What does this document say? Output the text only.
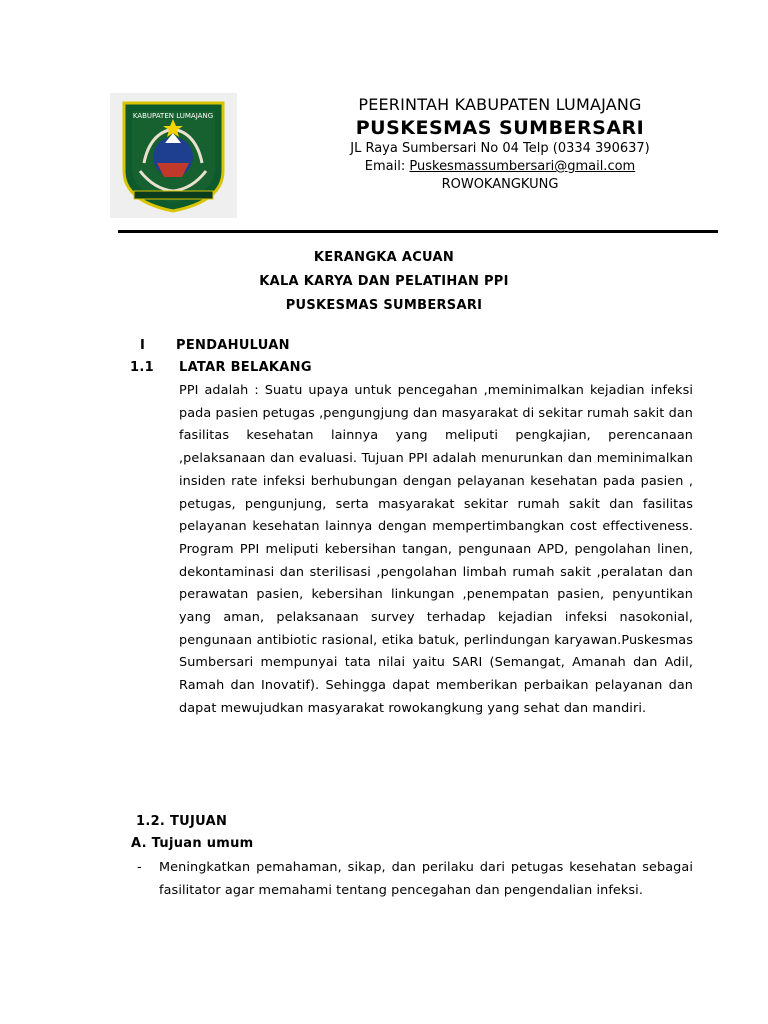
KABUPATEN LUMAJANG
PEERINTAH KABUPATEN LUMAJANG
PUSKESMAS SUMBERSARI
JL Raya Sumbersari No 04 Telp (0334 390637)
Email: Puskesmassumbersari@gmail.com
ROWOKANGKUNG
KERANGKA ACUAN
KALA KARYA DAN PELATIHAN PPI
PUSKESMAS SUMBERSARI
I PENDAHULUAN
1.1 LATAR BELAKANG
PPI adalah : Suatu upaya untuk pencegahan ,meminimalkan kejadian infeksi pada pasien petugas ,pengungjung dan masyarakat di sekitar rumah sakit dan fasilitas kesehatan lainnya yang meliputi pengkajian, perencanaan ,pelaksanaan dan evaluasi. Tujuan PPI adalah menurunkan dan meminimalkan insiden rate infeksi berhubungan dengan pelayanan kesehatan pada pasien , petugas, pengunjung, serta masyarakat sekitar rumah sakit dan fasilitas pelayanan kesehatan lainnya dengan mempertimbangkan cost effectiveness. Program PPI meliputi kebersihan tangan, pengunaan APD, pengolahan linen, dekontaminasi dan sterilisasi ,pengolahan limbah rumah sakit ,peralatan dan perawatan pasien, kebersihan linkungan ,penempatan pasien, penyuntikan yang aman, pelaksanaan survey terhadap kejadian infeksi nasokonial, pengunaan antibiotic rasional, etika batuk, perlindungan karyawan.Puskesmas Sumbersari mempunyai tata nilai yaitu SARI (Semangat, Amanah dan Adil, Ramah dan Inovatif). Sehingga dapat memberikan perbaikan pelayanan dan dapat mewujudkan masyarakat rowokangkung yang sehat dan mandiri.
1.2. TUJUAN
A. Tujuan umum
- Meningkatkan pemahaman, sikap, dan perilaku dari petugas kesehatan sebagai fasilitator agar memahami tentang pencegahan dan pengendalian infeksi.
